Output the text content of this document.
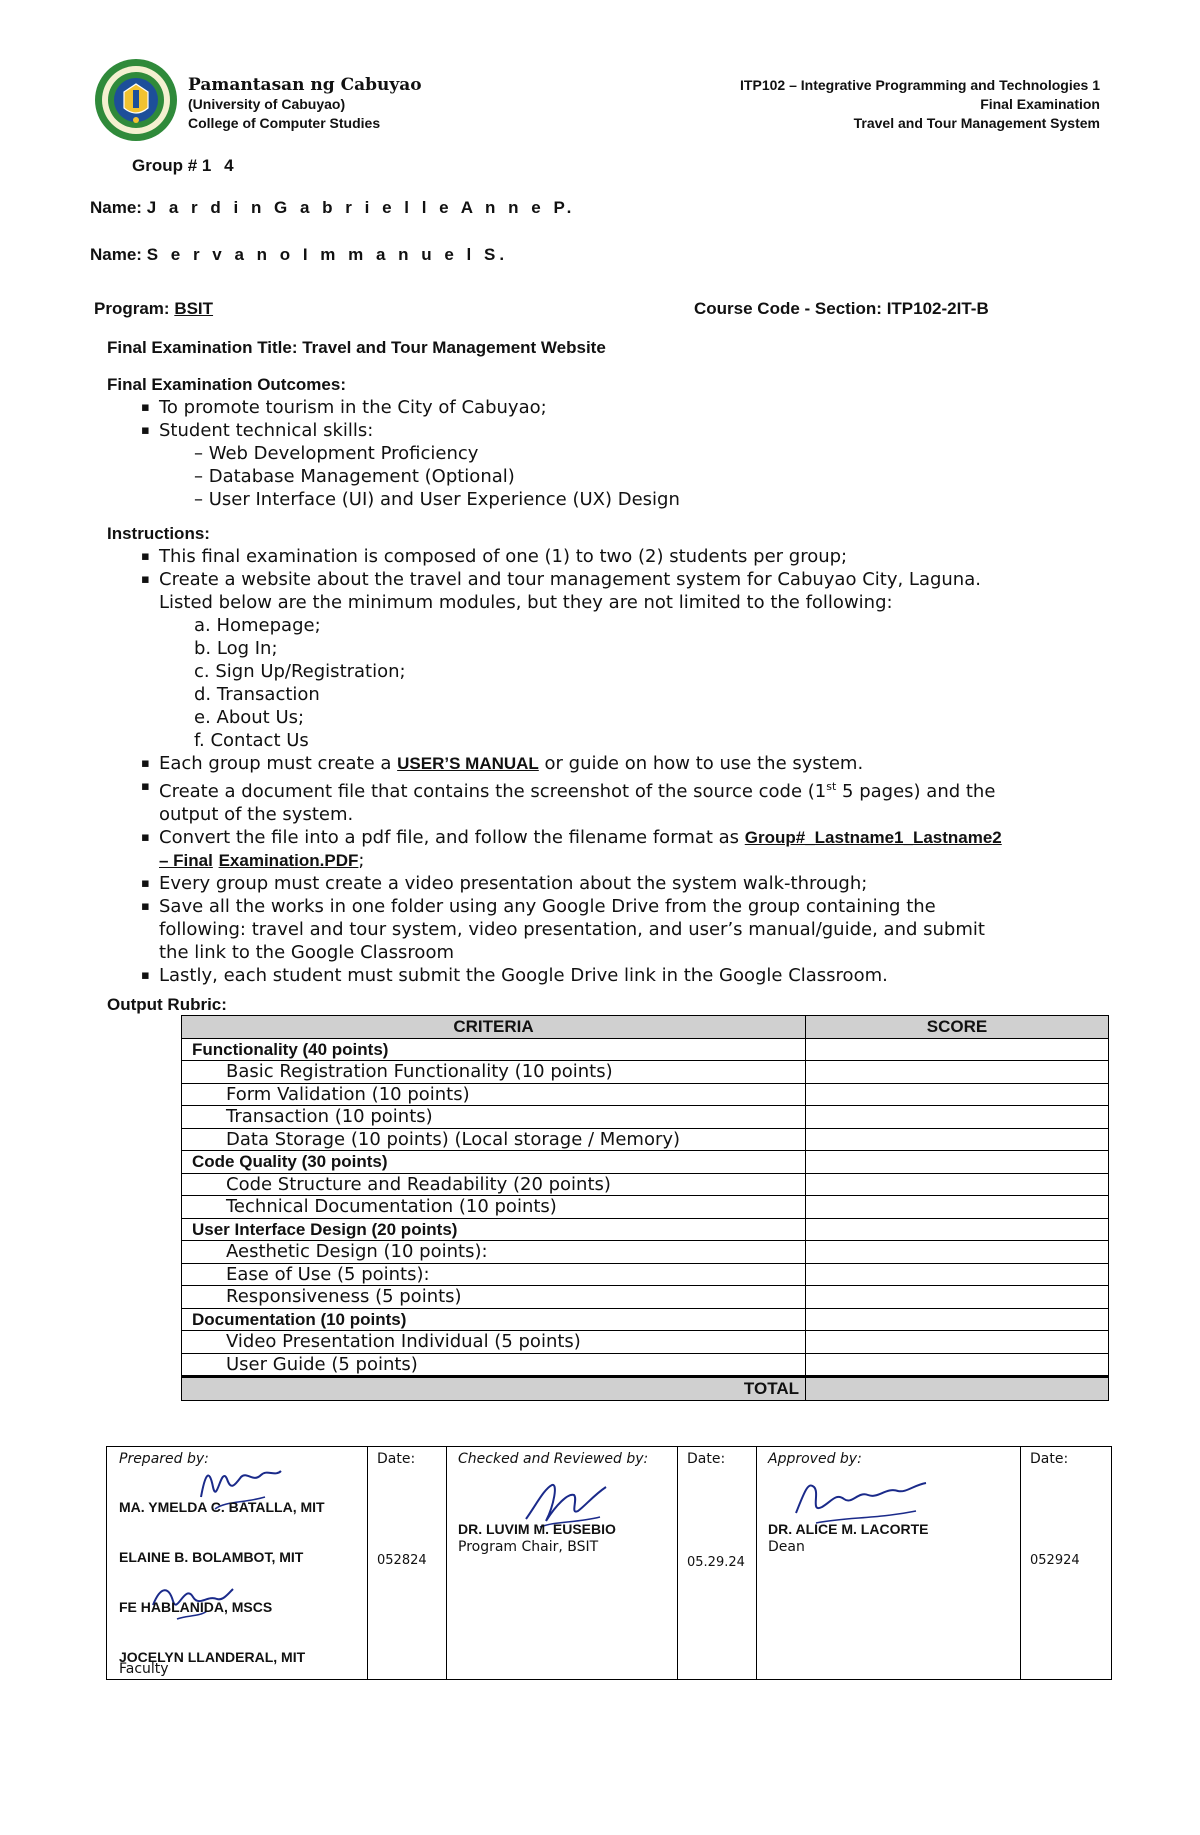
Pamantasan ng Cabuyao
(University of Cabuyao)
College of Computer Studies
ITP102 – Integrative Programming and Technologies 1
Final Examination
Travel and Tour Management System
Group # 1 4
Name: J a r d i n G a b r i e l l e A n n e P.
Name: S e r v a n o I m m a n u e l S.
Program: BSIT	Course Code - Section: ITP102-2IT-B
Final Examination Title: Travel and Tour Management Website
Final Examination Outcomes:
▪ To promote tourism in the City of Cabuyao;
▪ Student technical skills:
– Web Development Proficiency
– Database Management (Optional)
– User Interface (UI) and User Experience (UX) Design
Instructions:
▪ This final examination is composed of one (1) to two (2) students per group;
▪ Create a website about the travel and tour management system for Cabuyao City, Laguna.
Listed below are the minimum modules, but they are not limited to the following:
a. Homepage;
b. Log In;
c. Sign Up/Registration;
d. Transaction
e. About Us;
f. Contact Us
▪ Each group must create a USER’S MANUAL or guide on how to use the system.
▪ Create a document file that contains the screenshot of the source code (1st 5 pages) and the
output of the system.
▪ Convert the file into a pdf file, and follow the filename format as Group#_Lastname1_Lastname2
– Final Examination.PDF;
▪ Every group must create a video presentation about the system walk-through;
▪ Save all the works in one folder using any Google Drive from the group containing the
following: travel and tour system, video presentation, and user’s manual/guide, and submit
the link to the Google Classroom
▪ Lastly, each student must submit the Google Drive link in the Google Classroom.
Output Rubric:
CRITERIA	SCORE
Functionality (40 points)	
Basic Registration Functionality (10 points)	
Form Validation (10 points)	
Transaction (10 points)	
Data Storage (10 points) (Local storage / Memory)	
Code Quality (30 points)	
Code Structure and Readability (20 points)	
Technical Documentation (10 points)	
User Interface Design (20 points)	
Aesthetic Design (10 points):	
Ease of Use (5 points):	
Responsiveness (5 points)	
Documentation (10 points)	
Video Presentation Individual (5 points)	
User Guide (5 points)	
TOTAL	
Prepared by:
MA. YMELDA C. BATALLA, MIT
ELAINE B. BOLAMBOT, MIT
FE HABLANIDA, MSCS
JOCELYN LLANDERAL, MIT
Faculty
Date:
052824
Checked and Reviewed by:
DR. LUVIM M. EUSEBIO
Program Chair, BSIT
Date:
05.29.24
Approved by:
DR. ALICE M. LACORTE
Dean
Date:
052924
